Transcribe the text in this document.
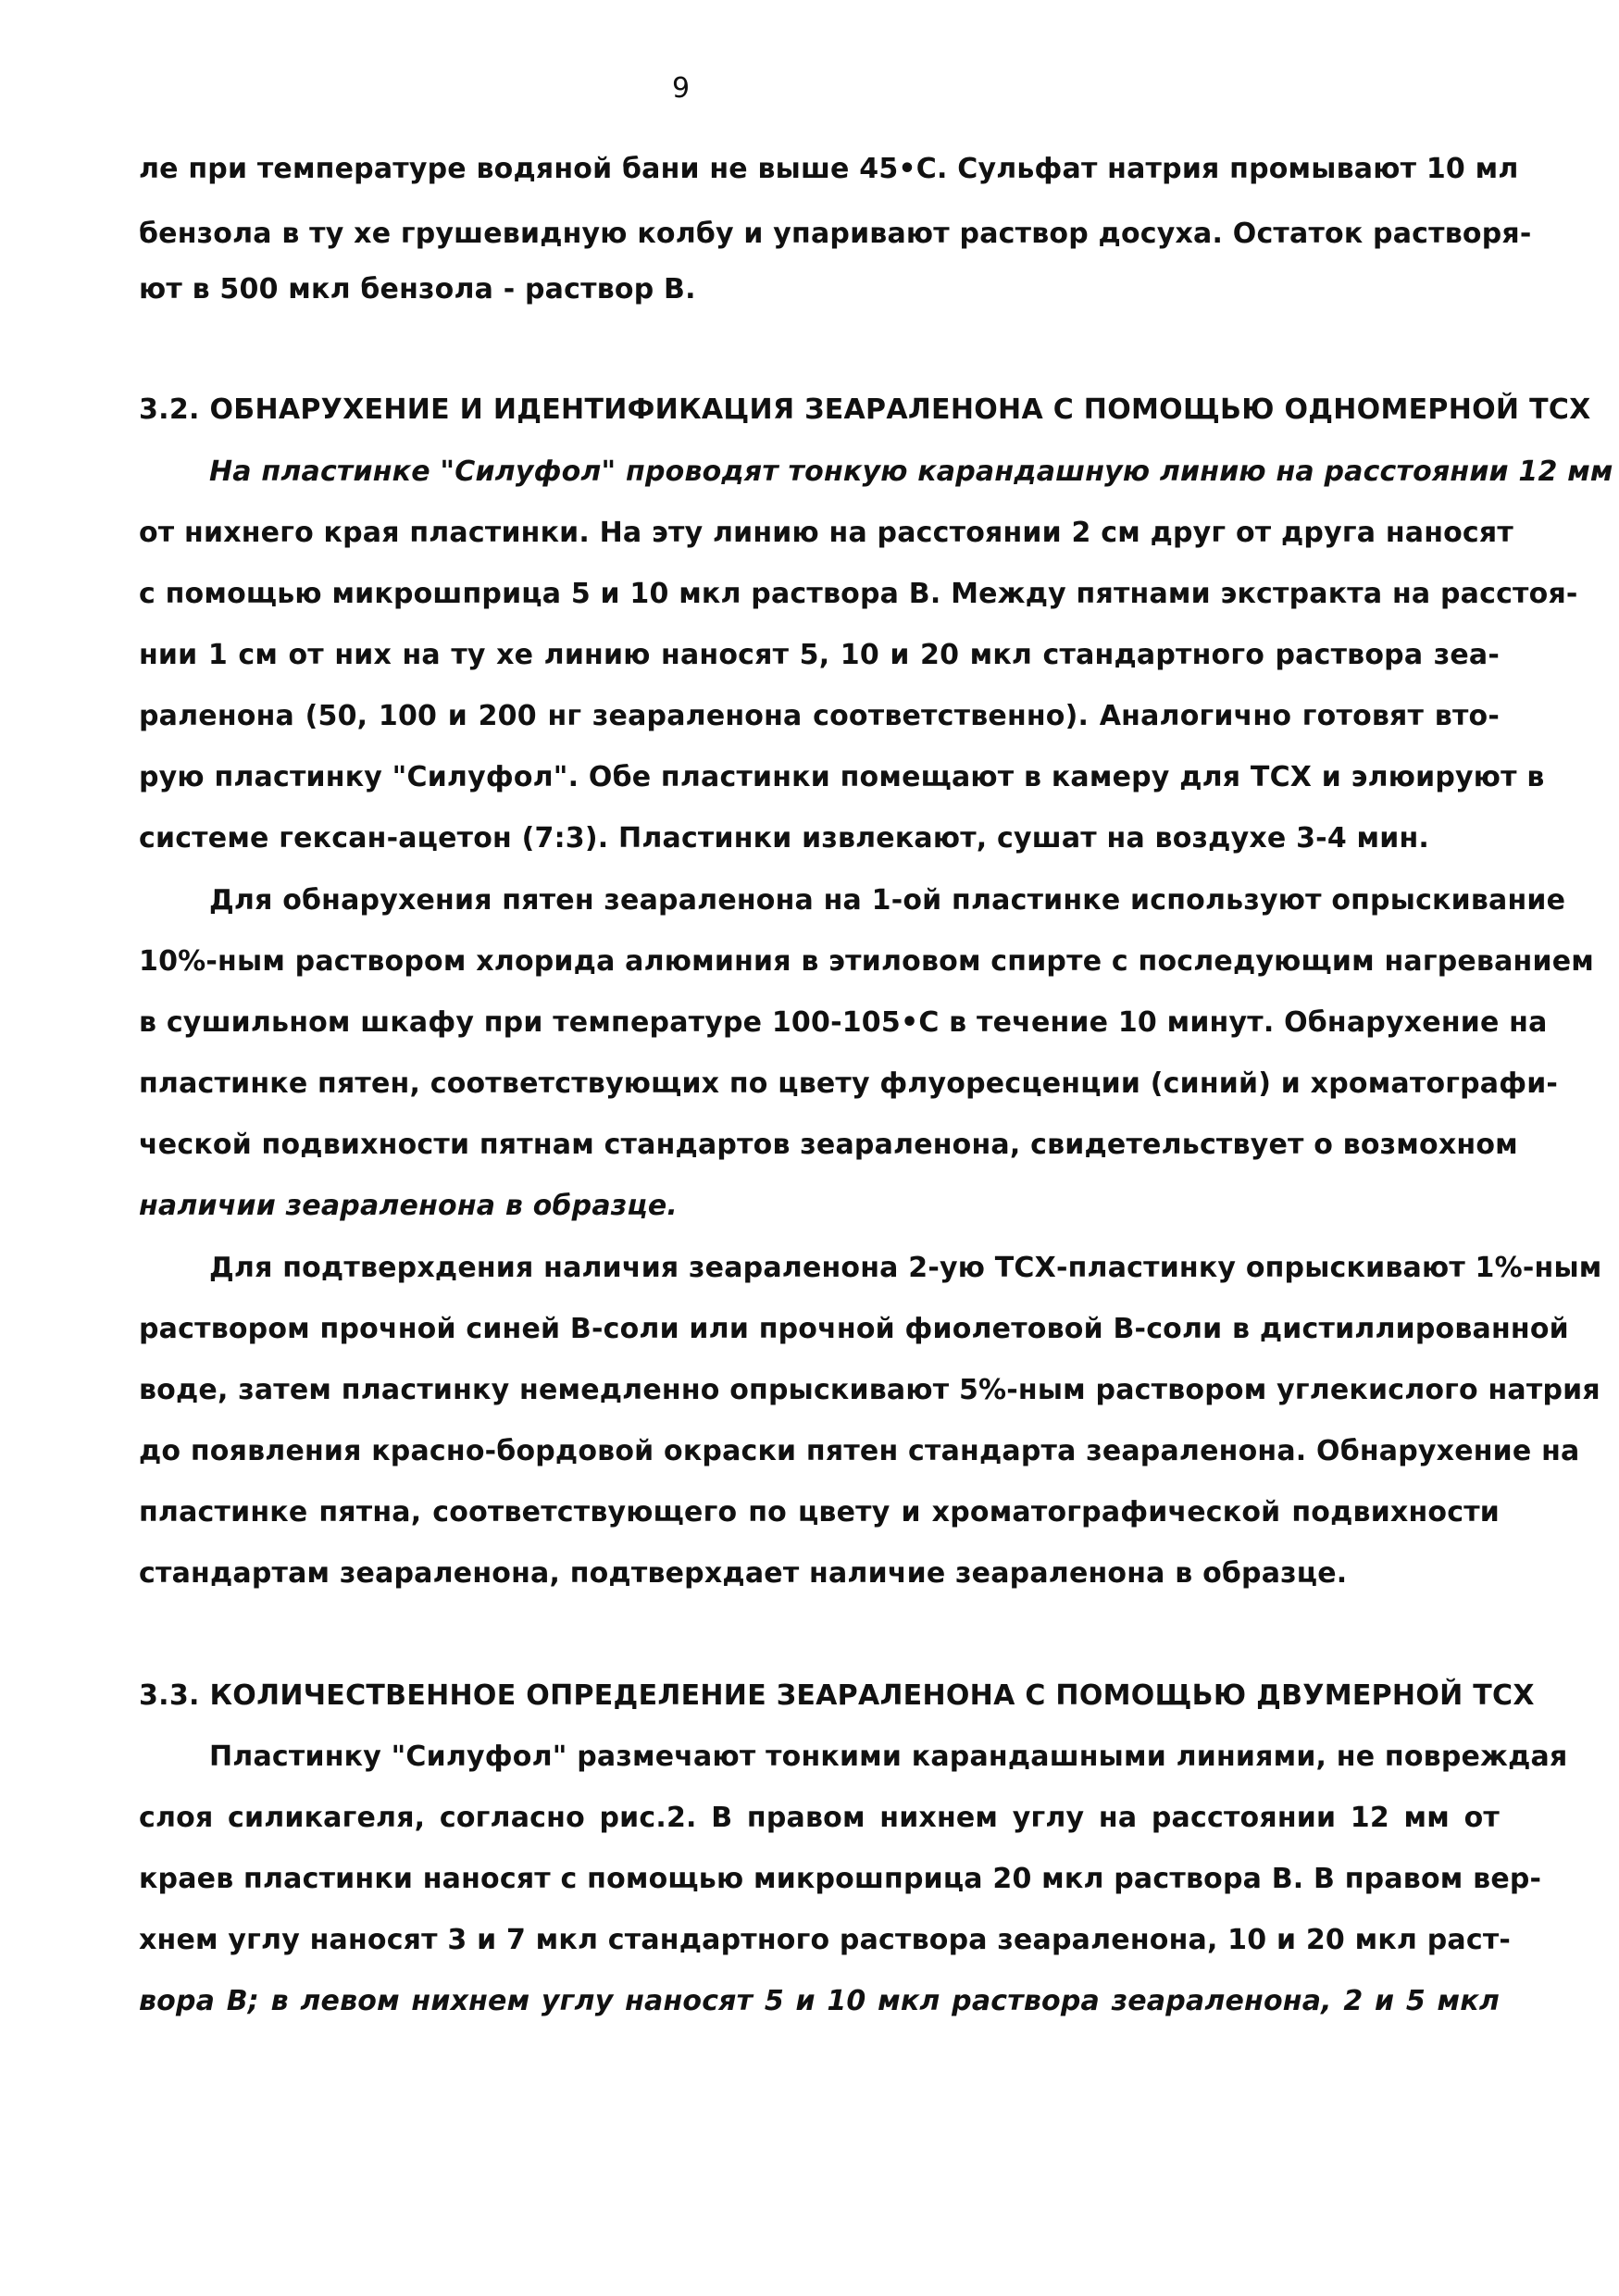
9
ле при температуре водяной бани не выше 45•С. Сульфат натрия промывают 10 мл
бензола в ту хе грушевидную колбу и упаривают раствор досуха. Остаток растворя-
ют в 500 мкл бензола - раствор В.
3.2. ОБНАРУХЕНИЕ И ИДЕНТИФИКАЦИЯ ЗЕАРАЛЕНОНА С ПОМОЩЬЮ ОДНОМЕРНОЙ ТСХ
На пластинке "Силуфол" проводят тонкую карандашную линию на расстоянии 12 мм
от нихнего края пластинки. На эту линию на расстоянии 2 см друг от друга наносят
с помощью микрошприца 5 и 10 мкл раствора В. Между пятнами экстракта на расстоя-
нии 1 см от них на ту хе линию наносят 5, 10 и 20 мкл стандартного раствора зеа-
раленона (50, 100 и 200 нг зеараленона соответственно). Аналогично готовят вто-
рую пластинку "Силуфол". Обе пластинки помещают в камеру для ТСХ и элюируют в
системе гексан-ацетон (7:3). Пластинки извлекают, сушат на воздухе 3-4 мин.
Для обнарухения пятен зеараленона на 1-ой пластинке используют опрыскивание
10%-ным раствором хлорида алюминия в этиловом спирте с последующим нагреванием
в сушильном шкафу при температуре 100-105•С в течение 10 минут. Обнарухение на
пластинке пятен, соответствующих по цвету флуоресценции (синий) и хроматографи-
ческой подвихности пятнам стандартов зеараленона, свидетельствует о возмохном
наличии зеараленона в образце.
Для подтверхдения наличия зеараленона 2-ую ТСХ-пластинку опрыскивают 1%-ным
раствором прочной синей В-соли или прочной фиолетовой В-соли в дистиллированной
воде, затем пластинку немедленно опрыскивают 5%-ным раствором углекислого натрия
до появления красно-бордовой окраски пятен стандарта зеараленона. Обнарухение на
пластинке пятна, соответствующего по цвету и хроматографической подвихности
стандартам зеараленона, подтверхдает наличие зеараленона в образце.
3.3. КОЛИЧЕСТВЕННОЕ ОПРЕДЕЛЕНИЕ ЗЕАРАЛЕНОНА С ПОМОЩЬЮ ДВУМЕРНОЙ ТСХ
Пластинку "Силуфол" размечают тонкими карандашными линиями, не повреждая
слоя силикагеля, согласно рис.2. В правом нихнем углу на расстоянии 12 мм от
краев пластинки наносят с помощью микрошприца 20 мкл раствора В. В правом вер-
хнем углу наносят 3 и 7 мкл стандартного раствора зеараленона, 10 и 20 мкл раст-
вора В; в левом нихнем углу наносят 5 и 10 мкл раствора зеараленона, 2 и 5 мкл
